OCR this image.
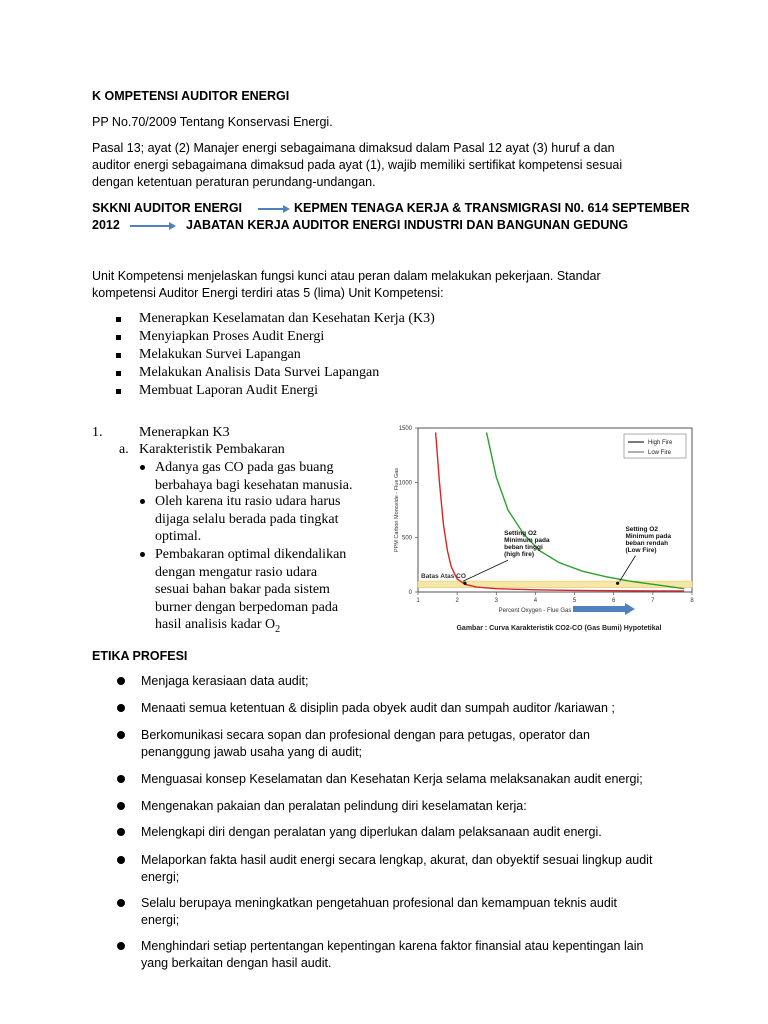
K OMPETENSI AUDITOR ENERGI
PP No.70/2009 Tentang Konservasi Energi.

Pasal 13; ayat (2) Manajer energi sebagaimana dimaksud dalam Pasal 12 ayat (3) huruf a dan

auditor energi sebagaimana dimaksud pada ayat (1), wajib memiliki sertifikat kompetensi sesuai

dengan ketentuan peraturan perundang-undangan.

SKKNI AUDITOR ENERGI	KEPMEN TENAGA KERJA & TRANSMIGRASI N0. 614 SEPTEMBER
2012	JABATAN KERJA AUDITOR ENERGI INDUSTRI DAN BANGUNAN GEDUNG

Unit Kompetensi menjelaskan fungsi kunci atau peran dalam melakukan pekerjaan. Standar

kompetensi Auditor Energi terdiri atas 5 (lima) Unit Kompetensi:

Menerapkan Keselamatan dan Kesehatan Kerja (K3)
Menyiapkan Proses Audit Energi
Melakukan Survei Lapangan
Melakukan Analisis Data Survei Lapangan
Membuat Laporan Audit Energi
1.	Menerapkan K3
a. Karakteristik Pembakaran

Adanya gas CO pada gas buang

berbahaya bagi kesehatan manusia.

Oleh karena itu rasio udara harus

dijaga selalu berada pada tingkat

optimal.

Pembakaran optimal dikendalikan

dengan mengatur rasio udara

sesuai bahan bakar pada sistem

burner dengan berpedoman pada

hasil analisis kadar $O_2$

Batas Atas CO
1	2	3	4	5	6	7	8
0
500
1000
1500
Percent Oxygen - Flue Gas
PPM Carbon Monoxide - Flue Gas
High Fire
Low Fire
Setting O2
Minimum pada
beban tinggi
(high fire)
Setting O2
Minimum pada
beban rendah
(Low Fire)
Gambar : Curva Karakteristik CO2-CO (Gas Bumi) Hypotetikal
ETIKA PROFESI

Menjaga kerasiaan data audit;

Menaati semua ketentuan & disiplin pada obyek audit dan sumpah auditor /kariawan ;

Berkomunikasi secara sopan dan profesional dengan para petugas, operator dan

penanggung jawab usaha yang di audit;

Menguasai konsep Keselamatan dan Kesehatan Kerja selama melaksanakan audit energi;

Mengenakan pakaian dan peralatan pelindung diri keselamatan kerja:

Melengkapi diri dengan peralatan yang diperlukan dalam pelaksanaan audit energi.

Melaporkan fakta hasil audit energi secara lengkap, akurat, dan obyektif sesuai lingkup audit

energi;

Selalu berupaya meningkatkan pengetahuan profesional dan kemampuan teknis audit

energi;

Menghindari setiap pertentangan kepentingan karena faktor finansial atau kepentingan lain

yang berkaitan dengan hasil audit.
